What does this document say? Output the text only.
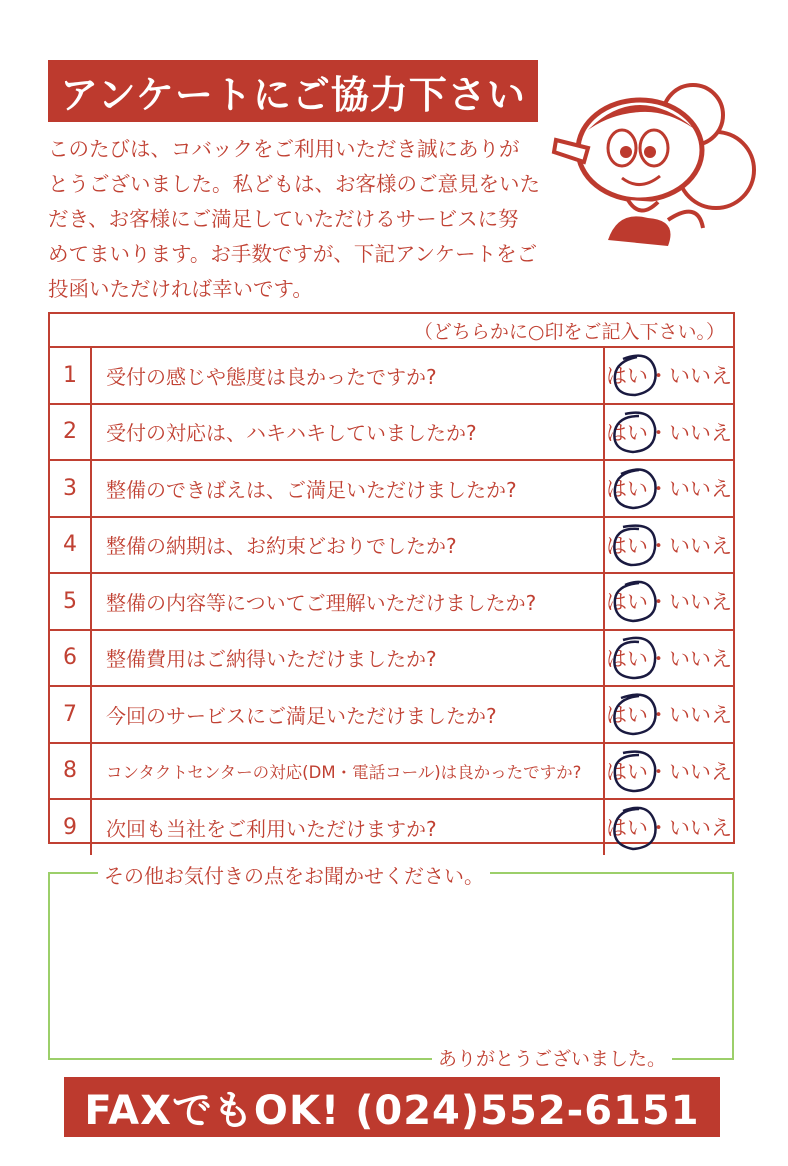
アンケートにご協力下さい
このたびは、コバックをご利用いただき誠にありが
とうございました。私どもは、お客様のご意見をいた
だき、お客様にご満足していただけるサービスに努
めてまいります。お手数ですが、下記アンケートをご
投函いただければ幸いです。
（どちらかに○印をご記入下さい。）
1	受付の感じや態度は良かったですか?	はい・いいえ
2	受付の対応は、ハキハキしていましたか?	はい・いいえ
3	整備のできばえは、ご満足いただけましたか?	はい・いいえ
4	整備の納期は、お約束どおりでしたか?	はい・いいえ
5	整備の内容等についてご理解いただけましたか?	はい・いいえ
6	整備費用はご納得いただけましたか?	はい・いいえ
7	今回のサービスにご満足いただけましたか?	はい・いいえ
8	コンタクトセンターの対応(DM・電話コール)は良かったですか?	はい・いいえ
9	次回も当社をご利用いただけますか?	はい・いいえ
その他お気付きの点をお聞かせください。
ありがとうございました。
FAXでもOK! (024)552-6151
